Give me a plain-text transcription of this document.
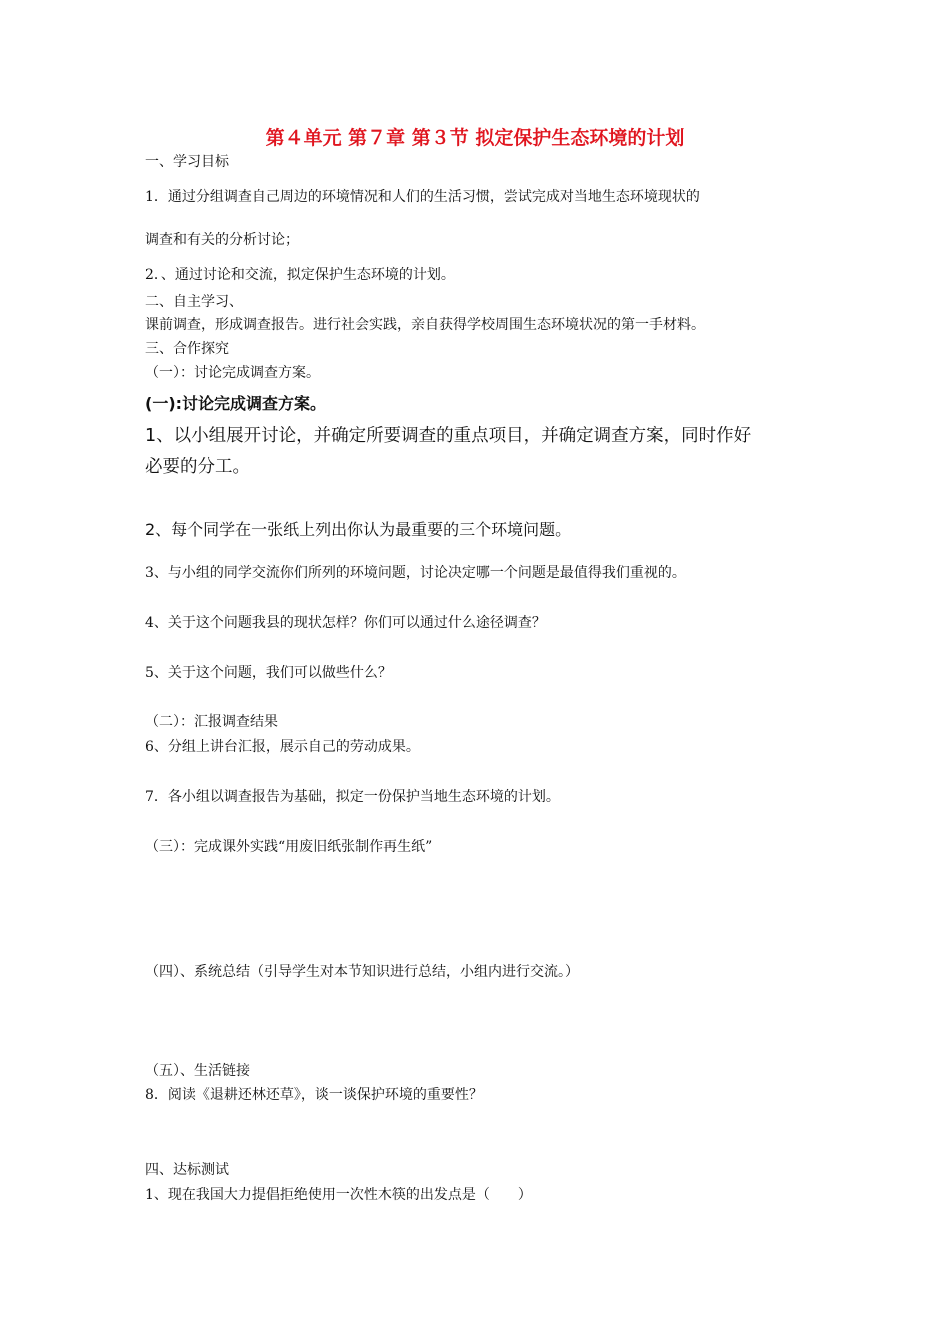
第４单元 第７章 第３节 拟定保护生态环境的计划
一、学习目标
1．通过分组调查自己周边的环境情况和人们的生活习惯，尝试完成对当地生态环境现状的
调查和有关的分析讨论；
2．、通过讨论和交流，拟定保护生态环境的计划。
二、自主学习、
课前调查，形成调查报告。进行社会实践，亲自获得学校周围生态环境状况的第一手材料。
三、合作探究
（一）：讨论完成调查方案。
(一):讨论完成调查方案。
1、以小组展开讨论，并确定所要调查的重点项目，并确定调查方案，同时作好
必要的分工。
2、每个同学在一张纸上列出你认为最重要的三个环境问题。
3、与小组的同学交流你们所列的环境问题，讨论决定哪一个问题是最值得我们重视的。
4、关于这个问题我县的现状怎样？你们可以通过什么途径调查？
5、关于这个问题，我们可以做些什么？
（二）：汇报调查结果
6、分组上讲台汇报，展示自己的劳动成果。
7．各小组以调查报告为基础，拟定一份保护当地生态环境的计划。
（三）：完成课外实践“用废旧纸张制作再生纸”
（四）、系统总结（引导学生对本节知识进行总结，小组内进行交流。）
（五）、生活链接
8．阅读《退耕还林还草》，谈一谈保护环境的重要性？
四、达标测试
1、现在我国大力提倡拒绝使用一次性木筷的出发点是（　　）
